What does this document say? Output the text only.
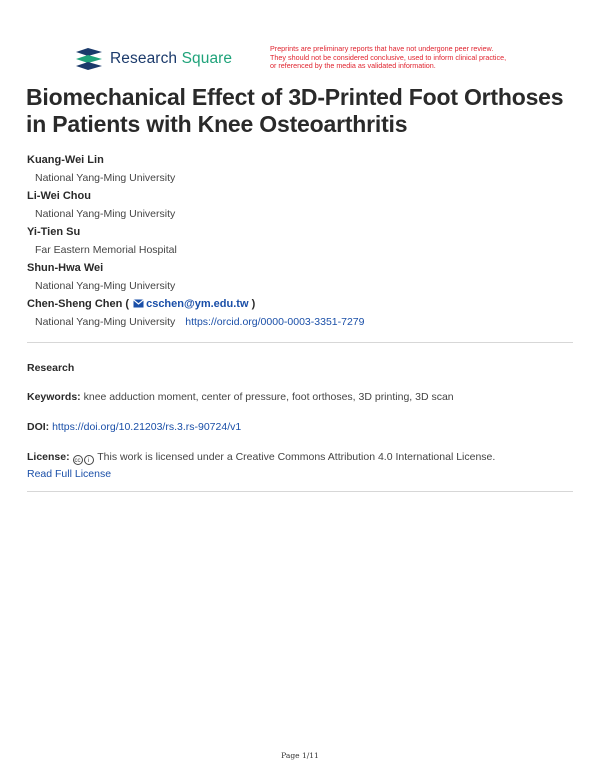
Research Square
Preprints are preliminary reports that have not undergone peer review.
They should not be considered conclusive, used to inform clinical practice,
or referenced by the media as validated information.
Biomechanical Effect of 3D-Printed Foot Orthoses
in Patients with Knee Osteoarthritis
Kuang-Wei Lin
National Yang-Ming University
Li-Wei Chou
National Yang-Ming University
Yi-Tien Su
Far Eastern Memorial Hospital
Shun-Hwa Wei
National Yang-Ming University
Chen-Sheng Chen ( cschen@ym.edu.tw )
National Yang-Ming University https://orcid.org/0000-0003-3351-7279
Research
Keywords: knee adduction moment, center of pressure, foot orthoses, 3D printing, 3D scan
DOI: https://doi.org/10.21203/rs.3.rs-90724/v1
License: cc i This work is licensed under a Creative Commons Attribution 4.0 International License.
Read Full License
Page 1/11
